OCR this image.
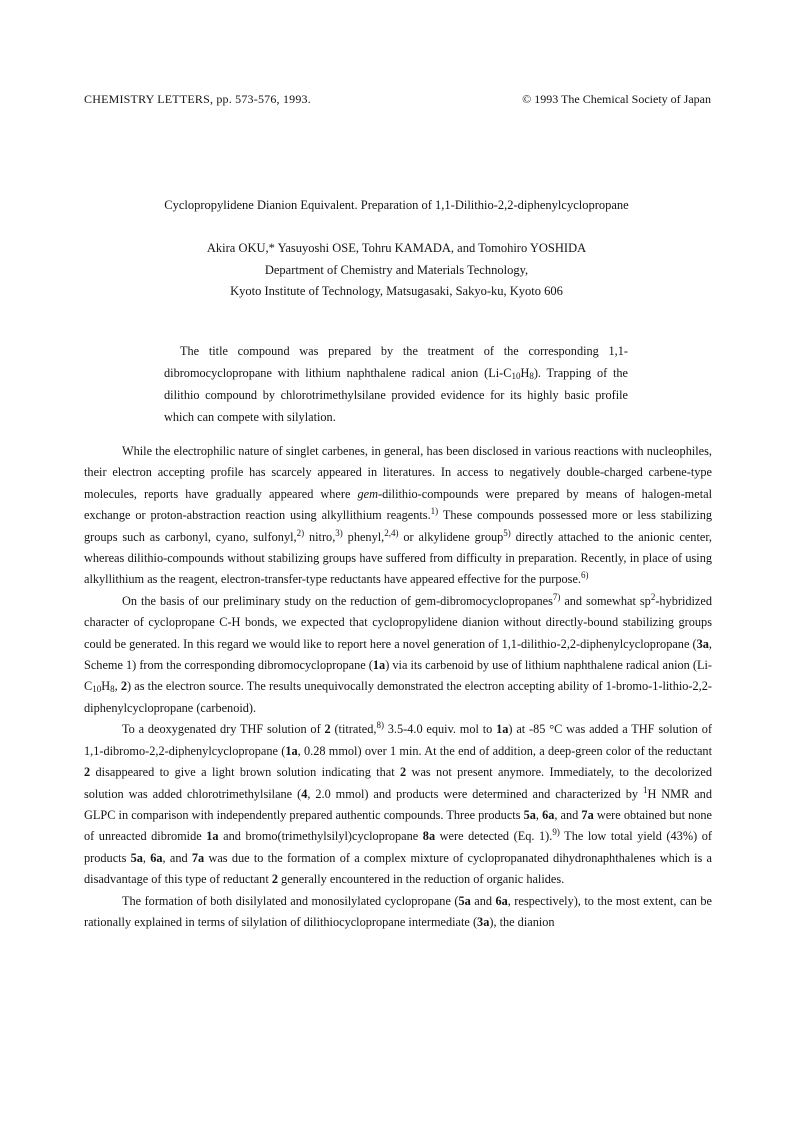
CHEMISTRY LETTERS, pp. 573-576, 1993.	© 1993 The Chemical Society of Japan
Cyclopropylidene Dianion Equivalent. Preparation of 1,1-Dilithio-2,2-diphenylcyclopropane
Akira OKU,* Yasuyoshi OSE, Tohru KAMADA, and Tomohiro YOSHIDA
Department of Chemistry and Materials Technology,
Kyoto Institute of Technology, Matsugasaki, Sakyo-ku, Kyoto 606

The title compound was prepared by the treatment of the corresponding 1,1-dibromocyclopropane with lithium naphthalene radical anion $(Li-C_{10}H_8)$. Trapping of the dilithio compound by chlorotrimethylsilane provided evidence for its highly basic profile which can compete with silylation.

While the electrophilic nature of singlet carbenes, in general, has been disclosed in various reactions with nucleophiles, their electron accepting profile has scarcely appeared in literatures. In access to negatively double-charged carbene-type molecules, reports have gradually appeared where gem-dilithio-compounds were prepared by means of halogen-metal exchange or proton-abstraction reaction using alkyllithium reagents.$^{1)}$ These compounds possessed more or less stabilizing groups such as carbonyl, cyano, sulfonyl,$^{2)}$ nitro,$^{3)}$ phenyl,$^{2,4)}$ or alkylidene group$^{5)}$ directly attached to the anionic center, whereas dilithio-compounds without stabilizing groups have suffered from difficulty in preparation. Recently, in place of using alkyllithium as the reagent, electron-transfer-type reductants have appeared effective for the purpose.$^{6)}$

On the basis of our preliminary study on the reduction of gem-dibromocyclopropanes$^{7)}$ and somewhat $sp^2$-hybridized character of cyclopropane C-H bonds, we expected that cyclopropylidene dianion without directly-bound stabilizing groups could be generated. In this regard we would like to report here a novel generation of 1,1-dilithio-2,2-diphenylcyclopropane (3a, Scheme 1) from the corresponding dibromocyclopropane (1a) via its carbenoid by use of lithium naphthalene radical anion ($Li-C_{10}H_8$, 2) as the electron source. The results unequivocally demonstrated the electron accepting ability of 1-bromo-1-lithio-2,2-diphenylcyclopropane (carbenoid).

To a deoxygenated dry THF solution of 2 (titrated,$^{8)}$ 3.5-4.0 equiv. mol to 1a) at -85 °C was added a THF solution of 1,1-dibromo-2,2-diphenylcyclopropane (1a, 0.28 mmol) over 1 min. At the end of addition, a deep-green color of the reductant 2 disappeared to give a light brown solution indicating that 2 was not present anymore. Immediately, to the decolorized solution was added chlorotrimethylsilane (4, 2.0 mmol) and products were determined and characterized by $^1$H NMR and GLPC in comparison with independently prepared authentic compounds. Three products 5a, 6a, and 7a were obtained but none of unreacted dibromide 1a and bromo(trimethylsilyl)cyclopropane 8a were detected (Eq. 1).$^{9)}$ The low total yield (43%) of products 5a, 6a, and 7a was due to the formation of a complex mixture of cyclopropanated dihydronaphthalenes which is a disadvantage of this type of reductant 2 generally encountered in the reduction of organic halides.

The formation of both disilylated and monosilylated cyclopropane (5a and 6a, respectively), to the most extent, can be rationally explained in terms of silylation of dilithiocyclopropane intermediate (3a), the dianion
